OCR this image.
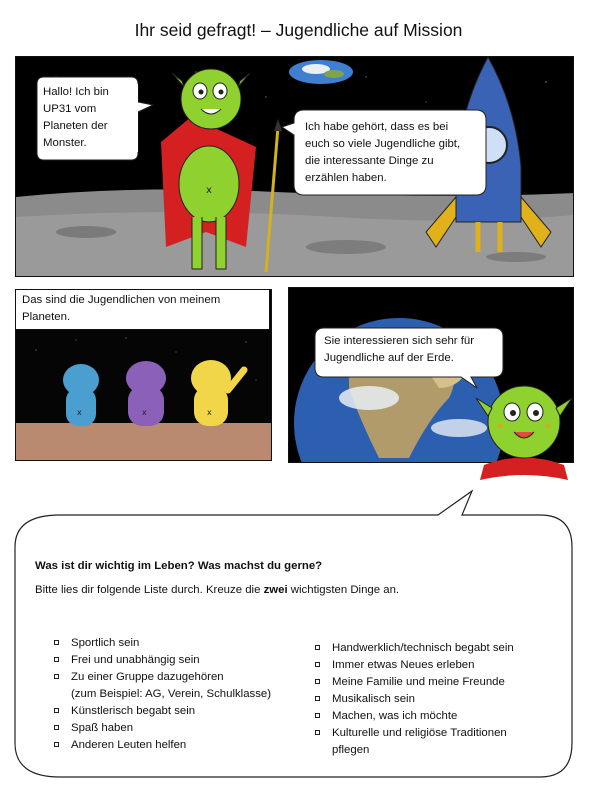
Ihr seid gefragt! – Jugendliche auf Mission
x
Hallo! Ich bin
UP31 vom
Planeten der
Monster.
Ich habe gehört, dass es bei
euch so viele Jugendliche gibt,
die interessante Dinge zu
erzählen haben.
x	x	x
Das sind die Jugendlichen von meinem
Planeten.
Sie interessieren sich sehr für
Jugendliche auf der Erde.
Was ist dir wichtig im Leben? Was machst du gerne?
Bitte lies dir folgende Liste durch. Kreuze die zwei wichtigsten Dinge an.
Sportlich sein
Frei und unabhängig sein
Zu einer Gruppe dazugehören
(zum Beispiel: AG, Verein, Schulklasse)
Künstlerisch begabt sein
Spaß haben
Anderen Leuten helfen
Handwerklich/technisch begabt sein
Immer etwas Neues erleben
Meine Familie und meine Freunde
Musikalisch sein
Machen, was ich möchte
Kulturelle und religiöse Traditionen
pflegen
